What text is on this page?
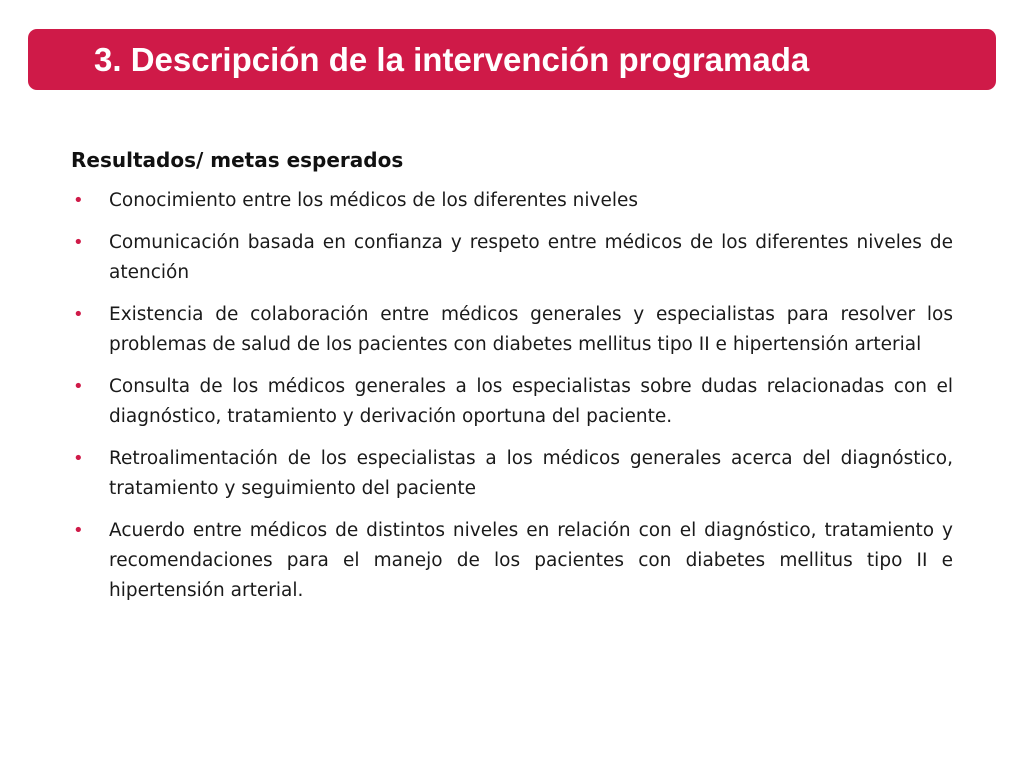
3. Descripción de la intervención programada
Resultados/ metas esperados
• Conocimiento entre los médicos de los diferentes niveles
• Comunicación basada en confianza y respeto entre médicos de los diferentes niveles de atención
• Existencia de colaboración entre médicos generales y especialistas para resolver los problemas de salud de los pacientes con diabetes mellitus tipo II e hipertensión arterial
• Consulta de los médicos generales a los especialistas sobre dudas relacionadas con el diagnóstico, tratamiento y derivación oportuna del paciente.
• Retroalimentación de los especialistas a los médicos generales acerca del diagnóstico, tratamiento y seguimiento del paciente
• Acuerdo entre médicos de distintos niveles en relación con el diagnóstico, tratamiento y recomendaciones para el manejo de los pacientes con diabetes mellitus tipo II e hipertensión arterial.
